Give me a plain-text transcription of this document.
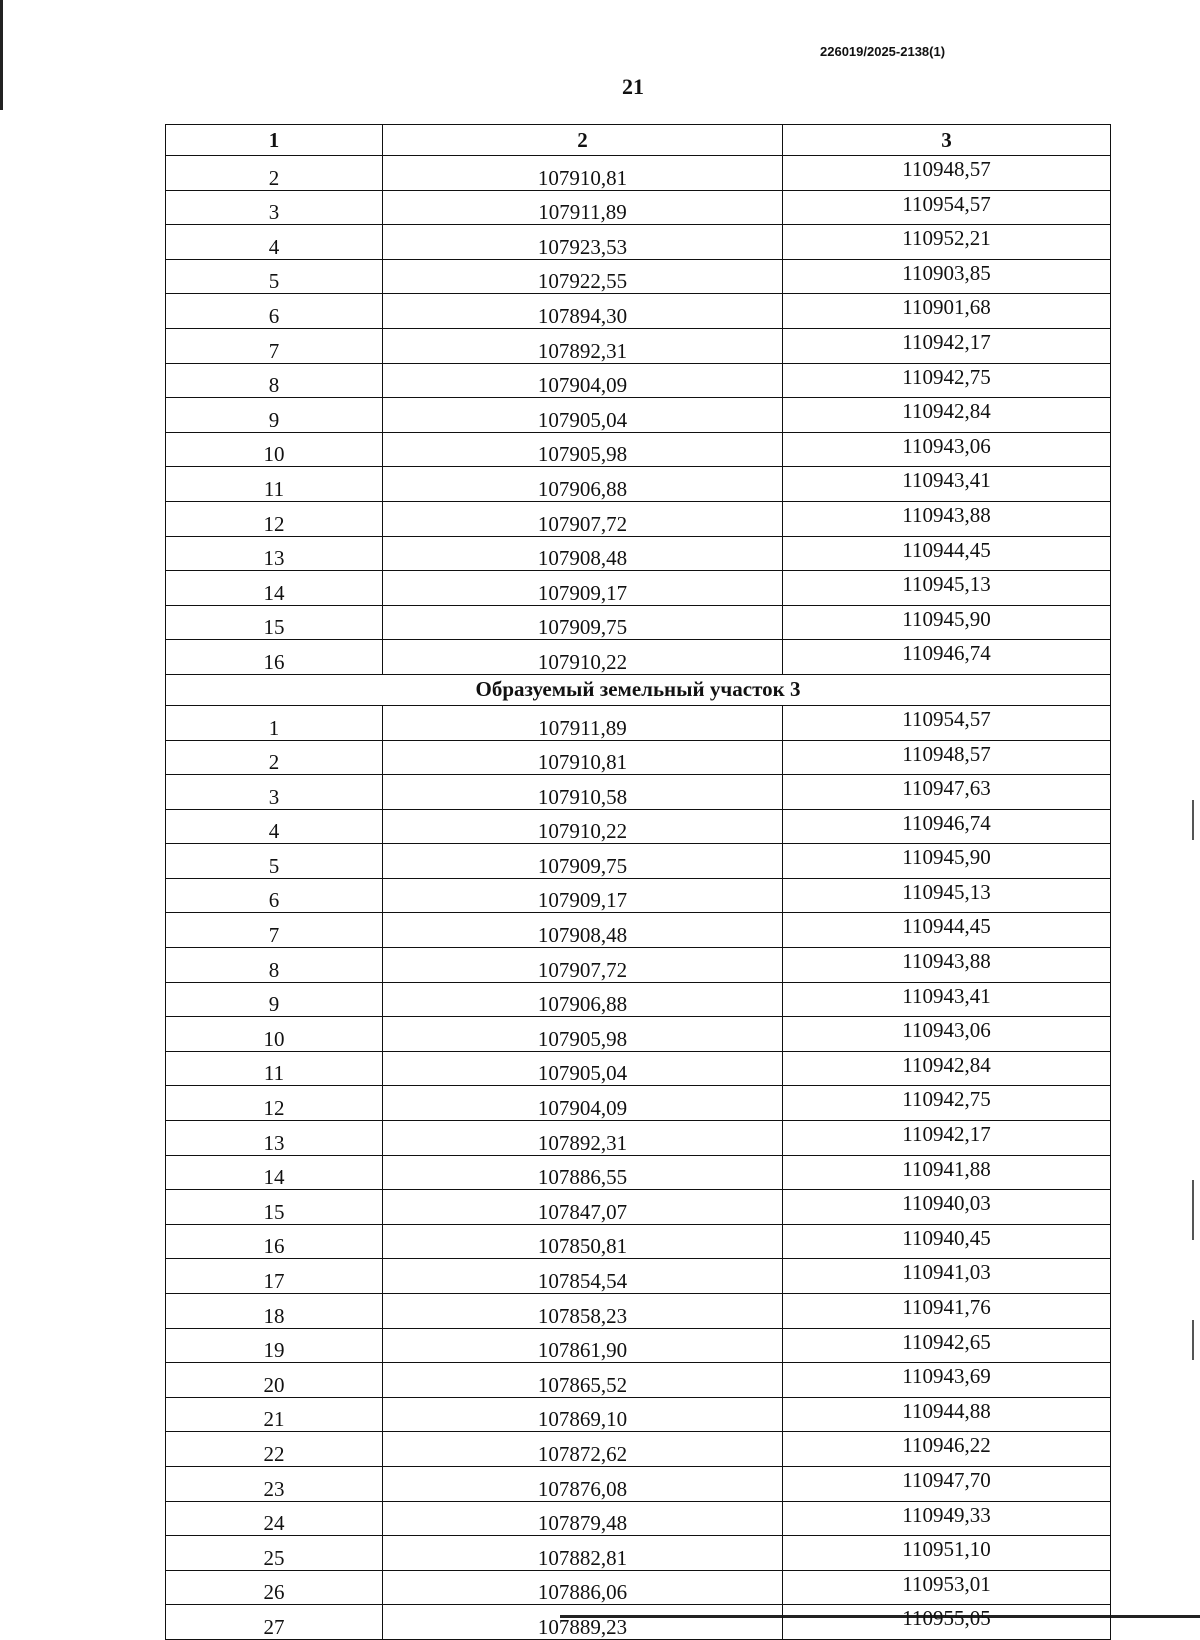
226019/2025-2138(1)
21
1	2	3
2	107910,81	110948,57
3	107911,89	110954,57
4	107923,53	110952,21
5	107922,55	110903,85
6	107894,30	110901,68
7	107892,31	110942,17
8	107904,09	110942,75
9	107905,04	110942,84
10	107905,98	110943,06
11	107906,88	110943,41
12	107907,72	110943,88
13	107908,48	110944,45
14	107909,17	110945,13
15	107909,75	110945,90
16	107910,22	110946,74
Образуемый земельный участок 3		
1	107911,89	110954,57
2	107910,81	110948,57
3	107910,58	110947,63
4	107910,22	110946,74
5	107909,75	110945,90
6	107909,17	110945,13
7	107908,48	110944,45
8	107907,72	110943,88
9	107906,88	110943,41
10	107905,98	110943,06
11	107905,04	110942,84
12	107904,09	110942,75
13	107892,31	110942,17
14	107886,55	110941,88
15	107847,07	110940,03
16	107850,81	110940,45
17	107854,54	110941,03
18	107858,23	110941,76
19	107861,90	110942,65
20	107865,52	110943,69
21	107869,10	110944,88
22	107872,62	110946,22
23	107876,08	110947,70
24	107879,48	110949,33
25	107882,81	110951,10
26	107886,06	110953,01
27	107889,23	110955,05
